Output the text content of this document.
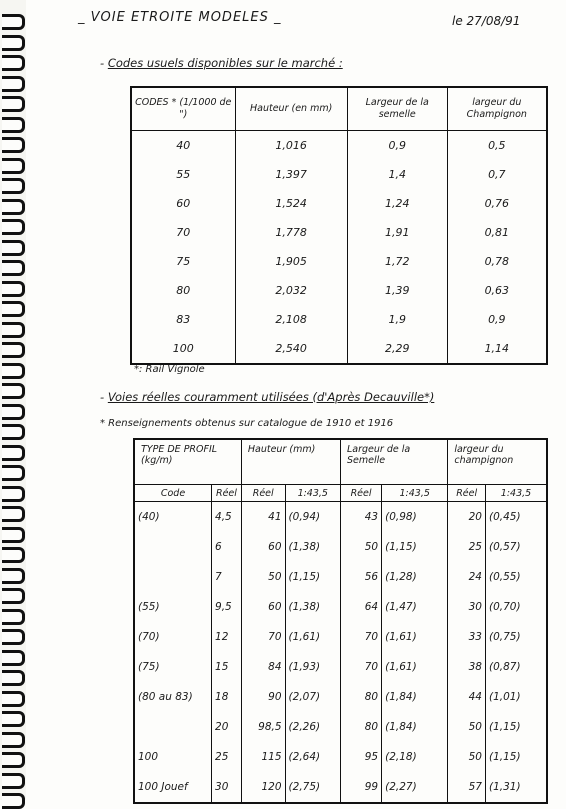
_ VOIE ETROITE MODELES _	le 27/08/91
- Codes usuels disponibles sur le marché :
CODES * (1/1000 de ")	Hauteur (en mm)	Largeur de la semelle	largeur du Champignon
40	1,016	0,9	0,5
55	1,397	1,4	0,7
60	1,524	1,24	0,76
70	1,778	1,91	0,81
75	1,905	1,72	0,78
80	2,032	1,39	0,63
83	2,108	1,9	0,9
100	2,540	2,29	1,14
*: Rail Vignole
- Voies réelles couramment utilisées (d'Après Decauville*)
* Renseignements obtenus sur catalogue de 1910 et 1916
TYPE DE PROFIL (kg/m)		Hauteur (mm)		Largeur de la Semelle		largeur du champignon	
Code	Réel	Réel	1:43,5	Réel	1:43,5	Réel	1:43,5
(40)	4,5	41	(0,94)	43	(0,98)	20	(0,45)
	6	60	(1,38)	50	(1,15)	25	(0,57)
	7	50	(1,15)	56	(1,28)	24	(0,55)
(55)	9,5	60	(1,38)	64	(1,47)	30	(0,70)
(70)	12	70	(1,61)	70	(1,61)	33	(0,75)
(75)	15	84	(1,93)	70	(1,61)	38	(0,87)
(80 au 83)	18	90	(2,07)	80	(1,84)	44	(1,01)
	20	98,5	(2,26)	80	(1,84)	50	(1,15)
100	25	115	(2,64)	95	(2,18)	50	(1,15)
100 Jouef	30	120	(2,75)	99	(2,27)	57	(1,31)
